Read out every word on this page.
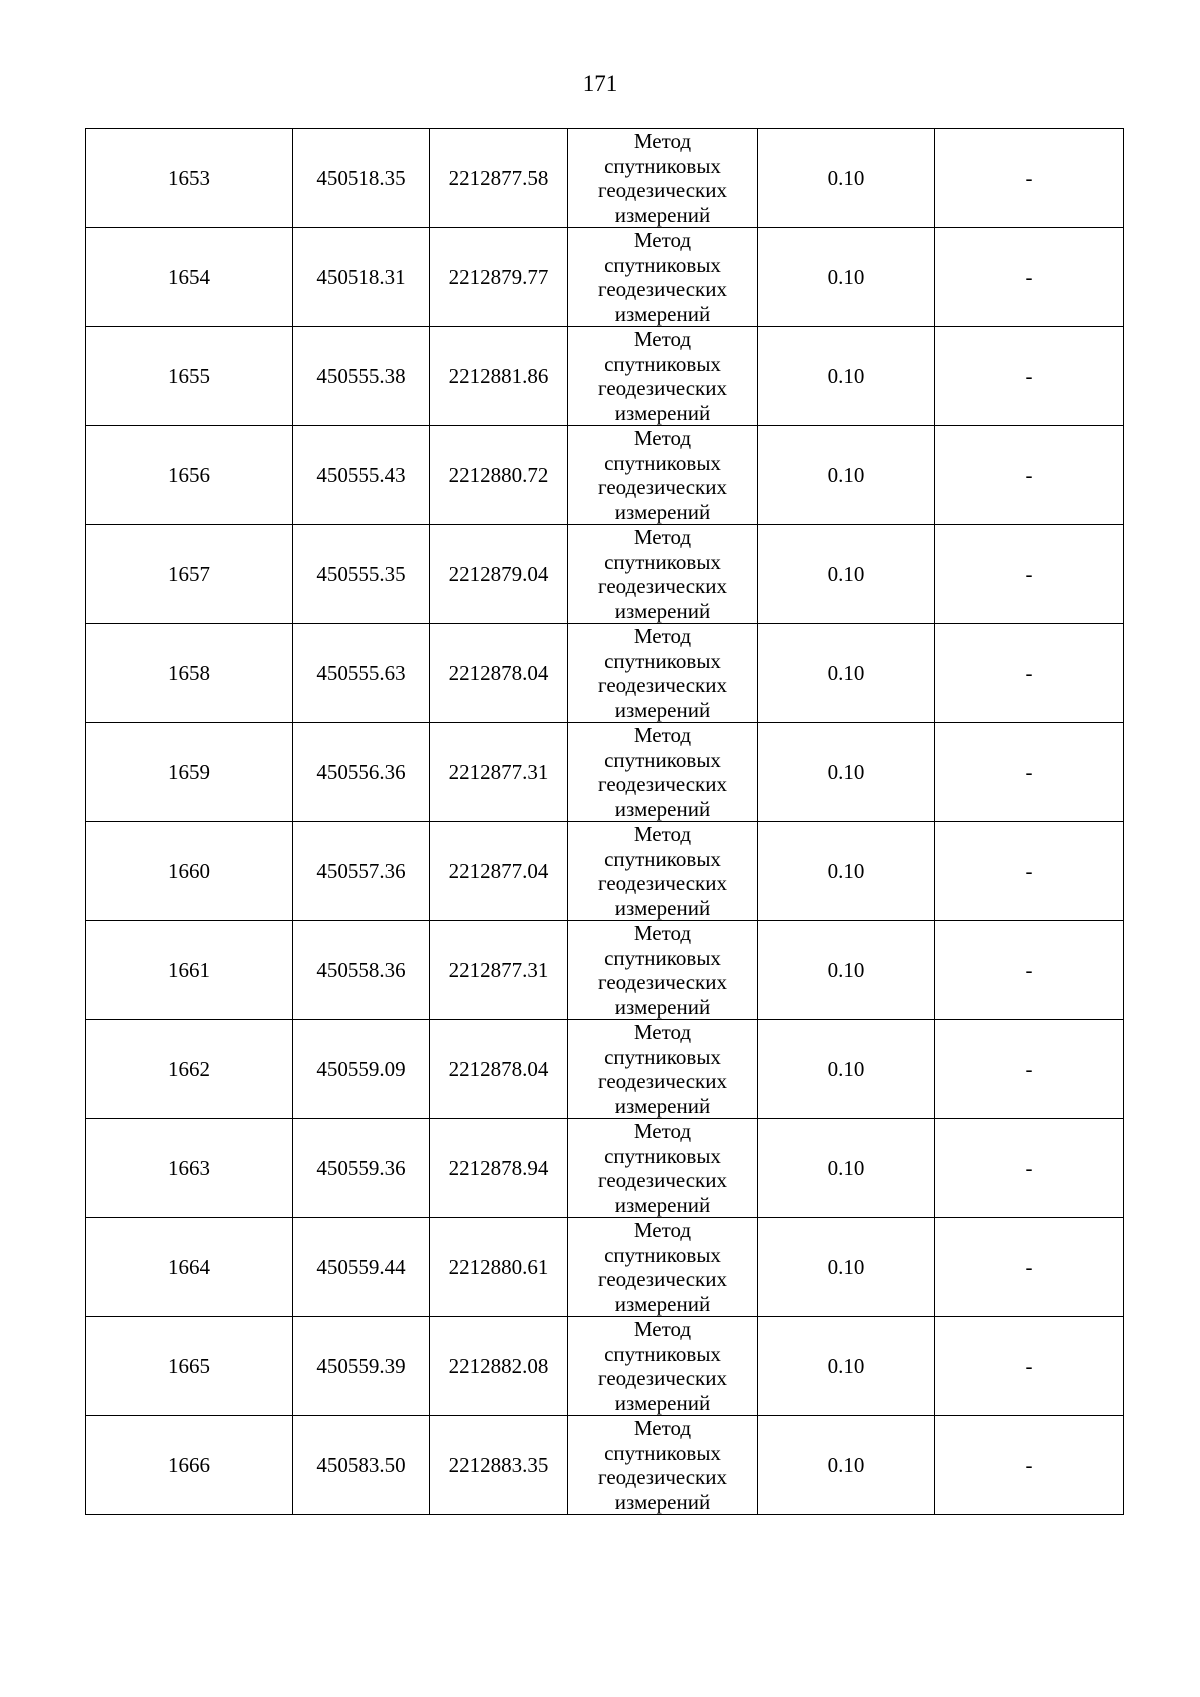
171
1653	450518.35	2212877.58	Метод
спутниковых
геодезических
измерений	0.10	-
1654	450518.31	2212879.77	Метод
спутниковых
геодезических
измерений	0.10	-
1655	450555.38	2212881.86	Метод
спутниковых
геодезических
измерений	0.10	-
1656	450555.43	2212880.72	Метод
спутниковых
геодезических
измерений	0.10	-
1657	450555.35	2212879.04	Метод
спутниковых
геодезических
измерений	0.10	-
1658	450555.63	2212878.04	Метод
спутниковых
геодезических
измерений	0.10	-
1659	450556.36	2212877.31	Метод
спутниковых
геодезических
измерений	0.10	-
1660	450557.36	2212877.04	Метод
спутниковых
геодезических
измерений	0.10	-
1661	450558.36	2212877.31	Метод
спутниковых
геодезических
измерений	0.10	-
1662	450559.09	2212878.04	Метод
спутниковых
геодезических
измерений	0.10	-
1663	450559.36	2212878.94	Метод
спутниковых
геодезических
измерений	0.10	-
1664	450559.44	2212880.61	Метод
спутниковых
геодезических
измерений	0.10	-
1665	450559.39	2212882.08	Метод
спутниковых
геодезических
измерений	0.10	-
1666	450583.50	2212883.35	Метод
спутниковых
геодезических
измерений	0.10	-
